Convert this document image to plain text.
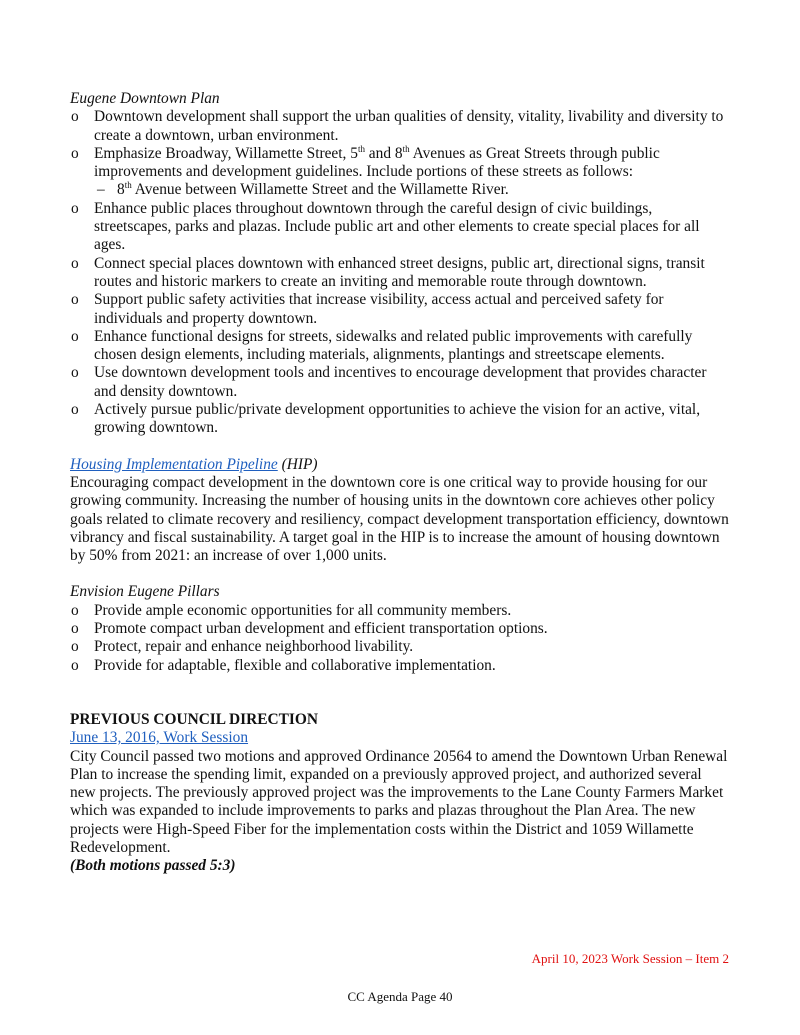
Eugene Downtown Plan
o Downtown development shall support the urban qualities of density, vitality, livability and diversity to create a downtown, urban environment.
o Emphasize Broadway, Willamette Street, 5th and 8th Avenues as Great Streets through public improvements and development guidelines. Include portions of these streets as follows:
– 8th Avenue between Willamette Street and the Willamette River.
o Enhance public places throughout downtown through the careful design of civic buildings, streetscapes, parks and plazas. Include public art and other elements to create special places for all ages.
o Connect special places downtown with enhanced street designs, public art, directional signs, transit routes and historic markers to create an inviting and memorable route through downtown.
o Support public safety activities that increase visibility, access actual and perceived safety for individuals and property downtown.
o Enhance functional designs for streets, sidewalks and related public improvements with carefully chosen design elements, including materials, alignments, plantings and streetscape elements.
o Use downtown development tools and incentives to encourage development that provides character and density downtown.
o Actively pursue public/private development opportunities to achieve the vision for an active, vital, growing downtown.
Housing Implementation Pipeline (HIP)
Encouraging compact development in the downtown core is one critical way to provide housing for our growing community. Increasing the number of housing units in the downtown core achieves other policy goals related to climate recovery and resiliency, compact development transportation efficiency, downtown vibrancy and fiscal sustainability. A target goal in the HIP is to increase the amount of housing downtown by 50% from 2021: an increase of over 1,000 units.
Envision Eugene Pillars
o Provide ample economic opportunities for all community members.
o Promote compact urban development and efficient transportation options.
o Protect, repair and enhance neighborhood livability.
o Provide for adaptable, flexible and collaborative implementation.
PREVIOUS COUNCIL DIRECTION
June 13, 2016, Work Session
City Council passed two motions and approved Ordinance 20564 to amend the Downtown Urban Renewal Plan to increase the spending limit, expanded on a previously approved project, and authorized several new projects. The previously approved project was the improvements to the Lane County Farmers Market which was expanded to include improvements to parks and plazas throughout the Plan Area. The new projects were High-Speed Fiber for the implementation costs within the District and 1059 Willamette Redevelopment.
(Both motions passed 5:3)
April 10, 2023 Work Session – Item 2
CC Agenda Page 40
